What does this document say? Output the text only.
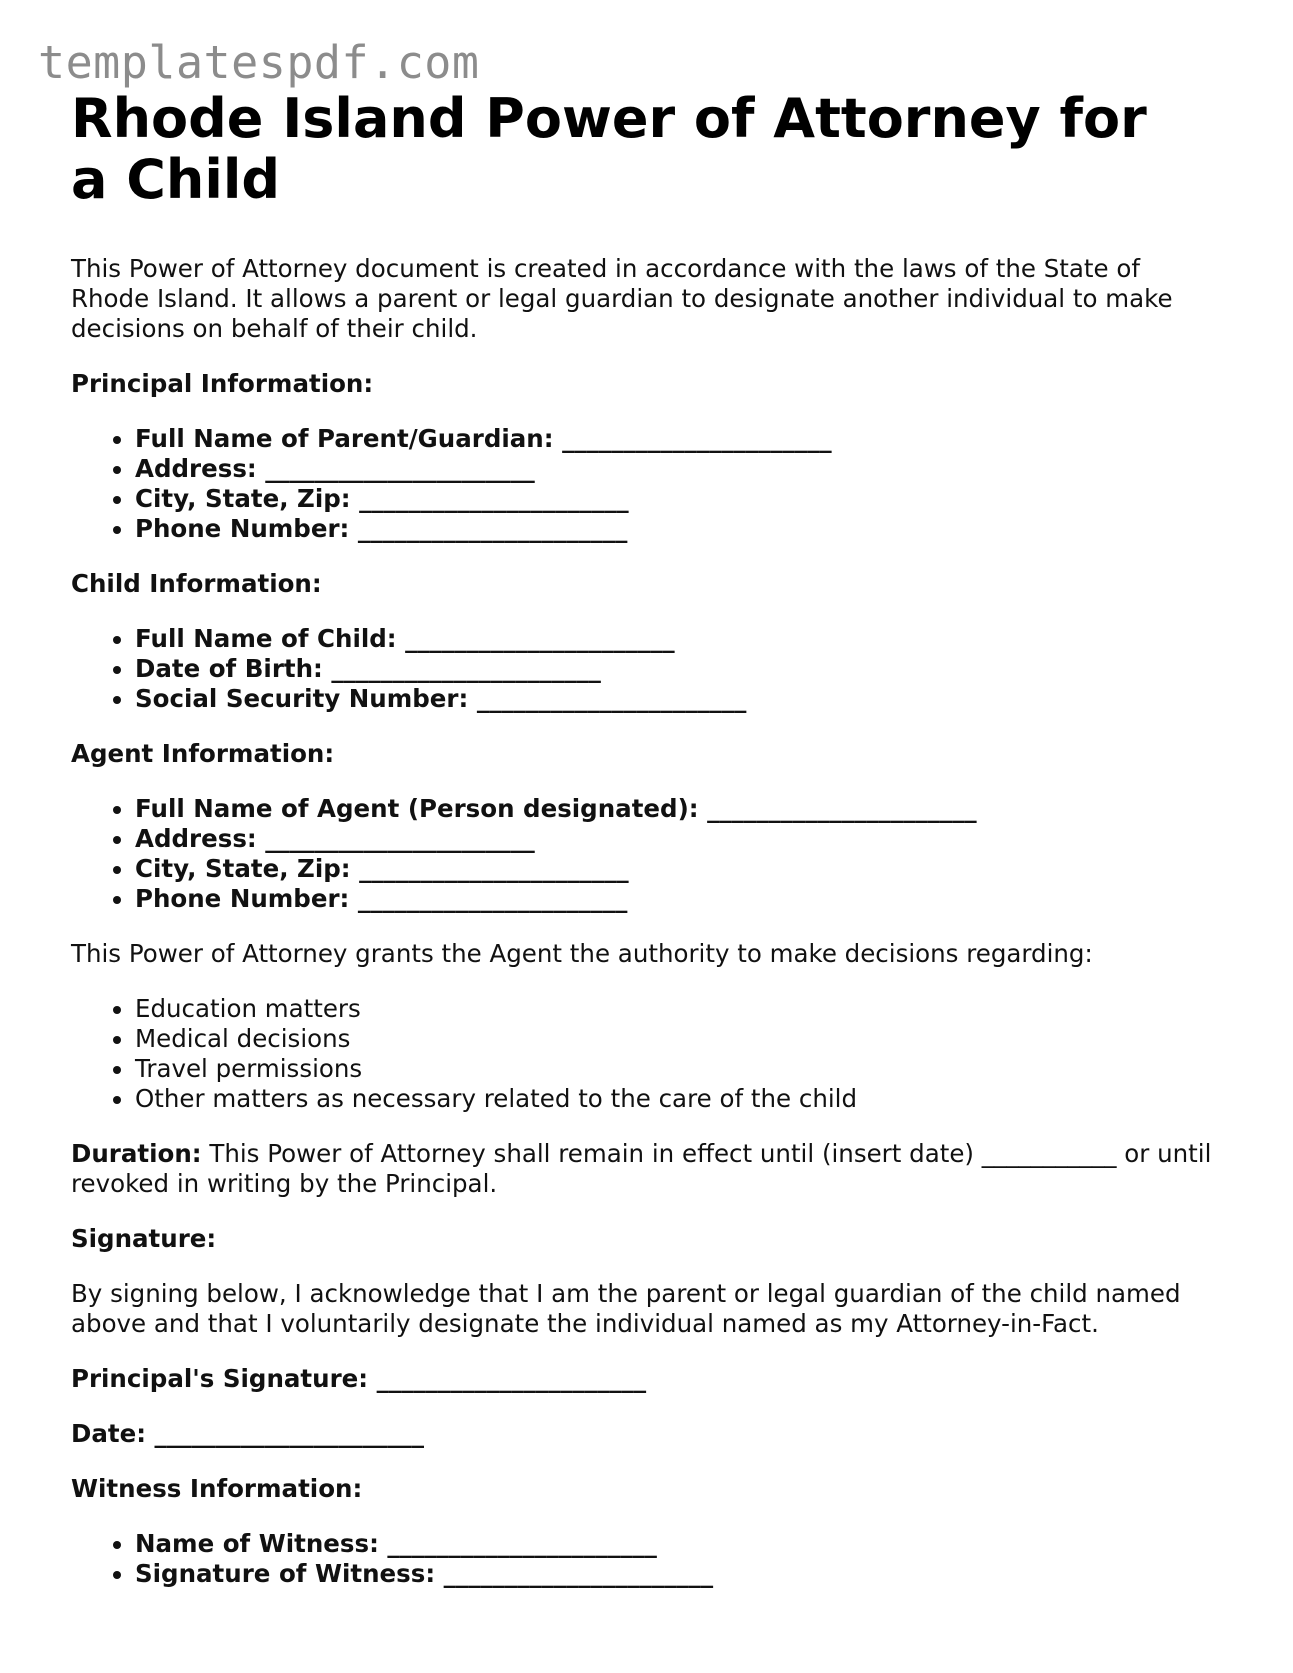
templatespdf.com
Rhode Island Power of Attorney for a Child

This Power of Attorney document is created in accordance with the laws of the State of Rhode Island. It allows a parent or legal guardian to designate another individual to make decisions on behalf of their child.

Principal Information:

• Full Name of Parent/Guardian: ______________________
• Address: ______________________
• City, State, Zip: ______________________
• Phone Number: ______________________

Child Information:

• Full Name of Child: ______________________
• Date of Birth: ______________________
• Social Security Number: ______________________

Agent Information:

• Full Name of Agent (Person designated): ______________________
• Address: ______________________
• City, State, Zip: ______________________
• Phone Number: ______________________

This Power of Attorney grants the Agent the authority to make decisions regarding:

• Education matters
• Medical decisions
• Travel permissions
• Other matters as necessary related to the care of the child

Duration: This Power of Attorney shall remain in effect until (insert date) ___________ or until revoked in writing by the Principal.

Signature:

By signing below, I acknowledge that I am the parent or legal guardian of the child named above and that I voluntarily designate the individual named as my Attorney-in-Fact.

Principal's Signature: ______________________

Date: ______________________

Witness Information:

• Name of Witness: ______________________
• Signature of Witness: ______________________
